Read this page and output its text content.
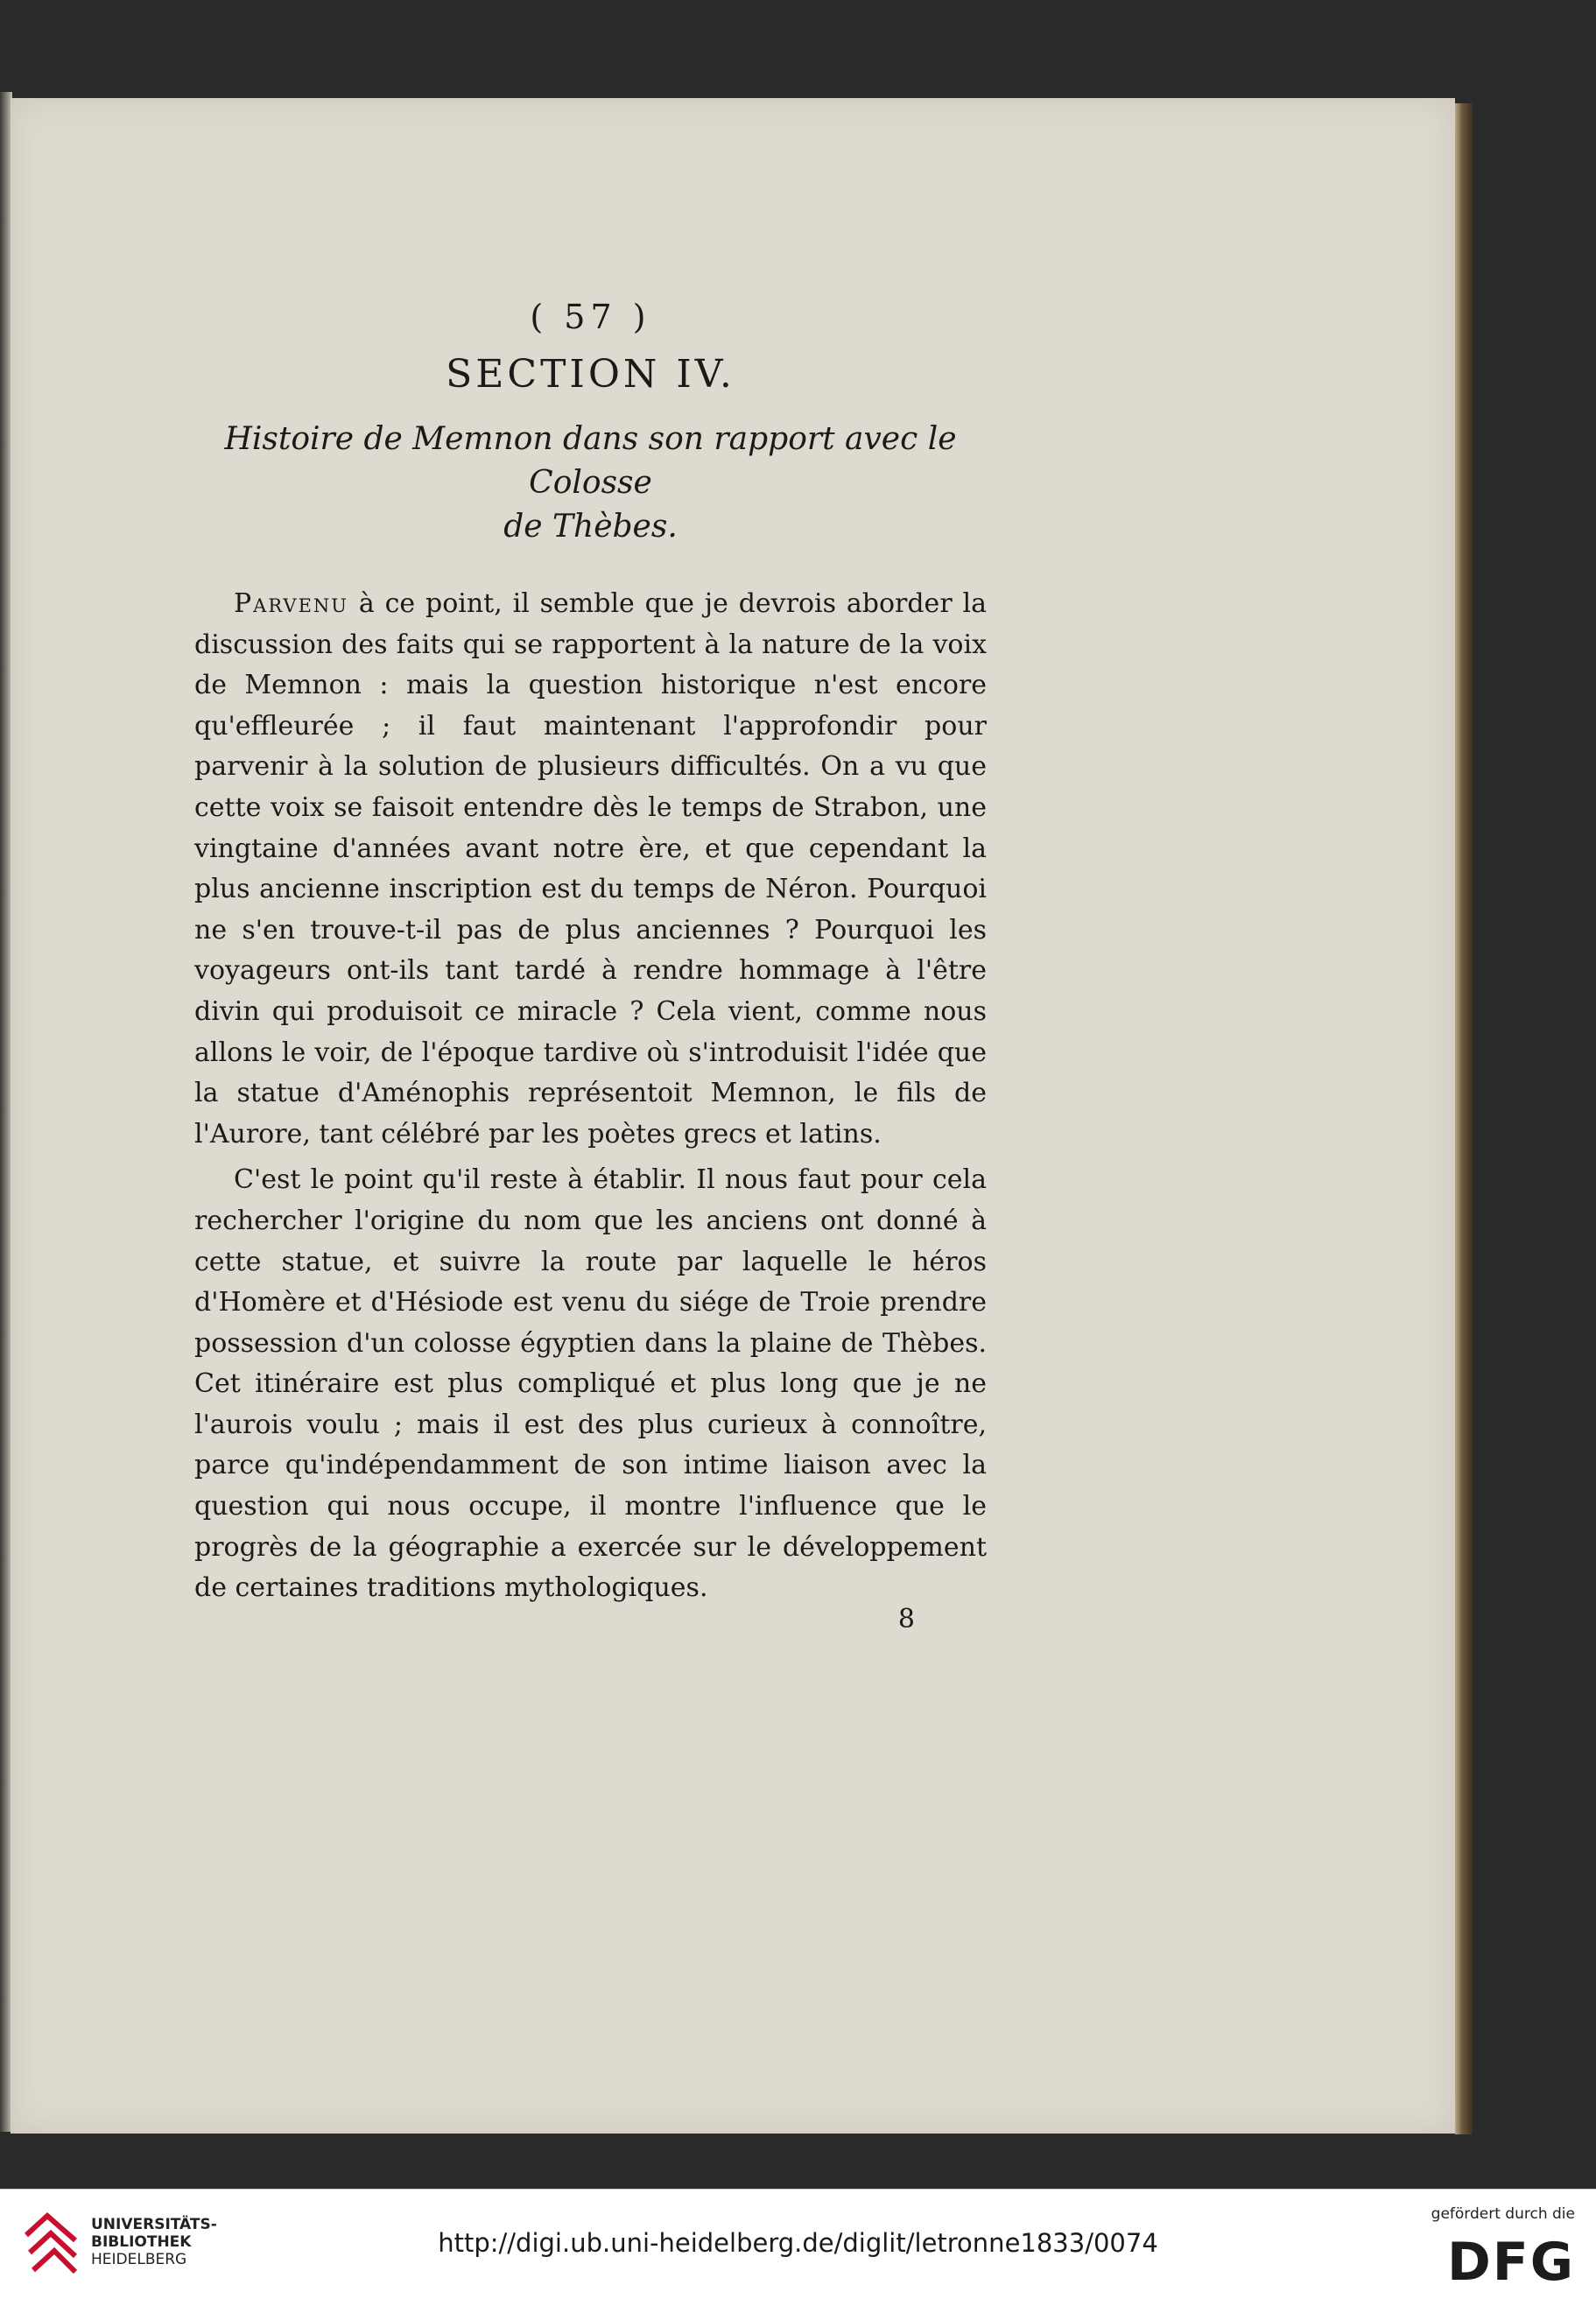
( 57 )
SECTION IV.
Histoire de Memnon dans son rapport avec le Colosse
de Thèbes.

Parvenu à ce point, il semble que je devrois aborder la discussion des faits qui se rapportent à la nature de la voix de Memnon : mais la question historique n'est encore qu'effleurée ; il faut maintenant l'approfondir pour parvenir à la solution de plusieurs difficultés. On a vu que cette voix se faisoit entendre dès le temps de Strabon, une vingtaine d'années avant notre ère, et que cependant la plus ancienne inscription est du temps de Néron. Pourquoi ne s'en trouve-t-il pas de plus anciennes ? Pourquoi les voyageurs ont-ils tant tardé à rendre hommage à l'être divin qui produisoit ce miracle ? Cela vient, comme nous allons le voir, de l'époque tardive où s'introduisit l'idée que la statue d'Aménophis représentoit Memnon, le fils de l'Aurore, tant célébré par les poètes grecs et latins.

C'est le point qu'il reste à établir. Il nous faut pour cela rechercher l'origine du nom que les anciens ont donné à cette statue, et suivre la route par laquelle le héros d'Homère et d'Hésiode est venu du siége de Troie prendre possession d'un colosse égyptien dans la plaine de Thèbes. Cet itinéraire est plus compliqué et plus long que je ne l'aurois voulu ; mais il est des plus curieux à connoître, parce qu'indépendamment de son intime liaison avec la question qui nous occupe, il montre l'influence que le progrès de la géographie a exercée sur le développement de certaines traditions mythologiques.

8
UNIVERSITÄTS-
BIBLIOTHEK
HEIDELBERG
http://digi.ub.uni-heidelberg.de/diglit/letronne1833/0074
gefördert durch die
DFG
